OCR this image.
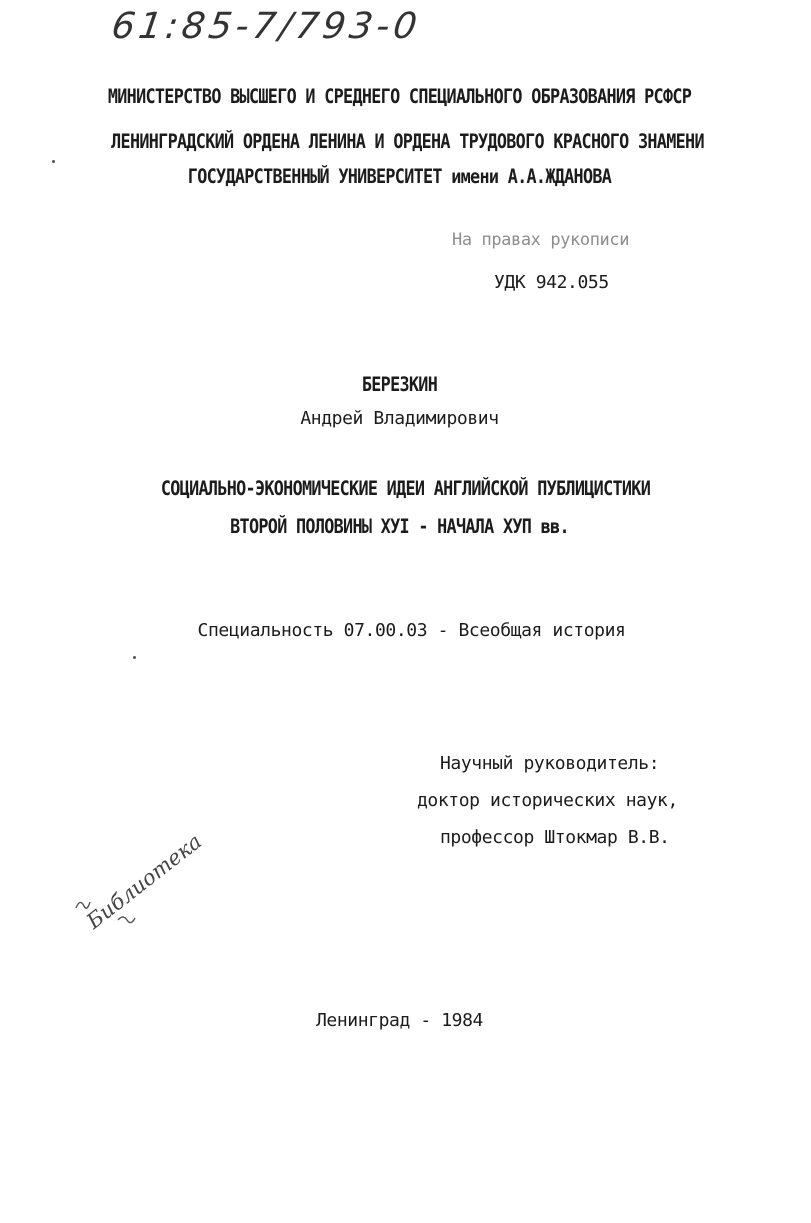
61:85-7/793-0
МИНИСТЕРСТВО ВЫСШЕГО И СРЕДНЕГО СПЕЦИАЛЬНОГО ОБРАЗОВАНИЯ РСФСР
ЛЕНИНГРАДСКИЙ ОРДЕНА ЛЕНИНА И ОРДЕНА ТРУДОВОГО КРАСНОГО ЗНАМЕНИ
ГОСУДАРСТВЕННЫЙ УНИВЕРСИТЕТ имени А.А.ЖДАНОВА
На правах рукописи
УДК 942.055
БЕРЕЗКИН
Андрей Владимирович
СОЦИАЛЬНО-ЭКОНОМИЧЕСКИЕ ИДЕИ АНГЛИЙСКОЙ ПУБЛИЦИСТИКИ
ВТОРОЙ ПОЛОВИНЫ ХУI - НАЧАЛА ХУП вв.
Специальность 07.00.03 - Всеобщая история
Научный руководитель:
доктор исторических наук,
профессор Штокмар В.В.
Библиотека
Ленинград - 1984
